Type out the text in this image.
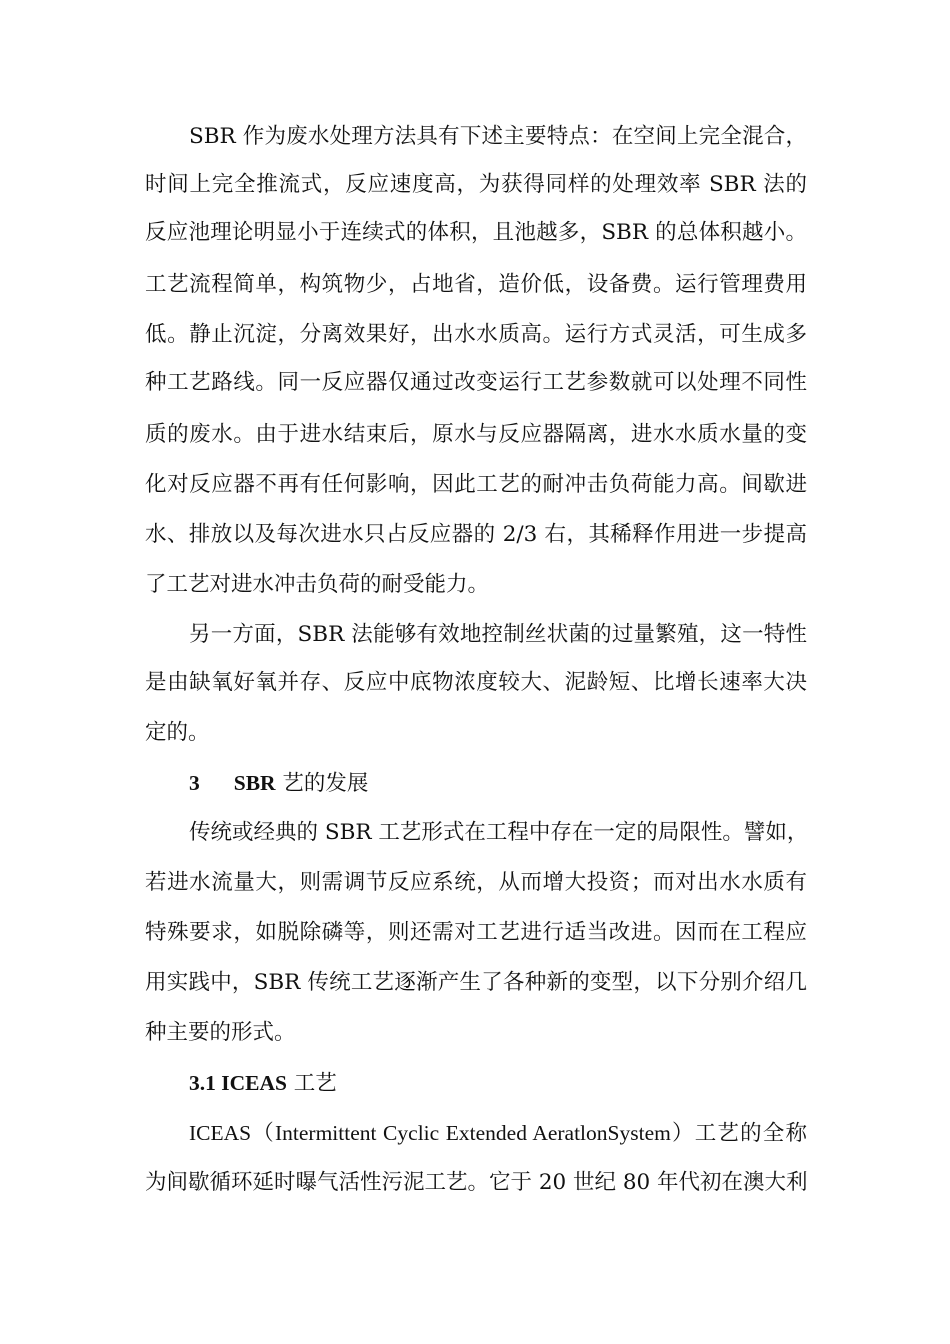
SBR 作为废水处理方法具有下述主要特点：在空间上完全混合，
时间上完全推流式，反应速度高，为获得同样的处理效率 SBR 法的
反应池理论明显小于连续式的体积，且池越多，SBR 的总体积越小。
工艺流程简单，构筑物少，占地省，造价低，设备费。运行管理费用
低。静止沉淀，分离效果好，出水水质高。运行方式灵活，可生成多
种工艺路线。同一反应器仅通过改变运行工艺参数就可以处理不同性
质的废水。由于进水结束后，原水与反应器隔离，进水水质水量的变
化对反应器不再有任何影响，因此工艺的耐冲击负荷能力高。间歇进
水、排放以及每次进水只占反应器的 2/3 右，其稀释作用进一步提高
了工艺对进水冲击负荷的耐受能力。
另一方面，SBR 法能够有效地控制丝状菌的过量繁殖，这一特性
是由缺氧好氧并存、反应中底物浓度较大、泥龄短、比增长速率大决
定的。
3 SBR 艺的发展
传统或经典的 SBR 工艺形式在工程中存在一定的局限性。譬如，
若进水流量大，则需调节反应系统，从而增大投资；而对出水水质有
特殊要求，如脱除磷等，则还需对工艺进行适当改进。因而在工程应
用实践中，SBR 传统工艺逐渐产生了各种新的变型，以下分别介绍几
种主要的形式。
3.1 ICEAS 工艺
ICEAS（Intermittent Cyclic Extended AeratlonSystem）工艺的全称
为间歇循环延时曝气活性污泥工艺。它于 20 世纪 80 年代初在澳大利
